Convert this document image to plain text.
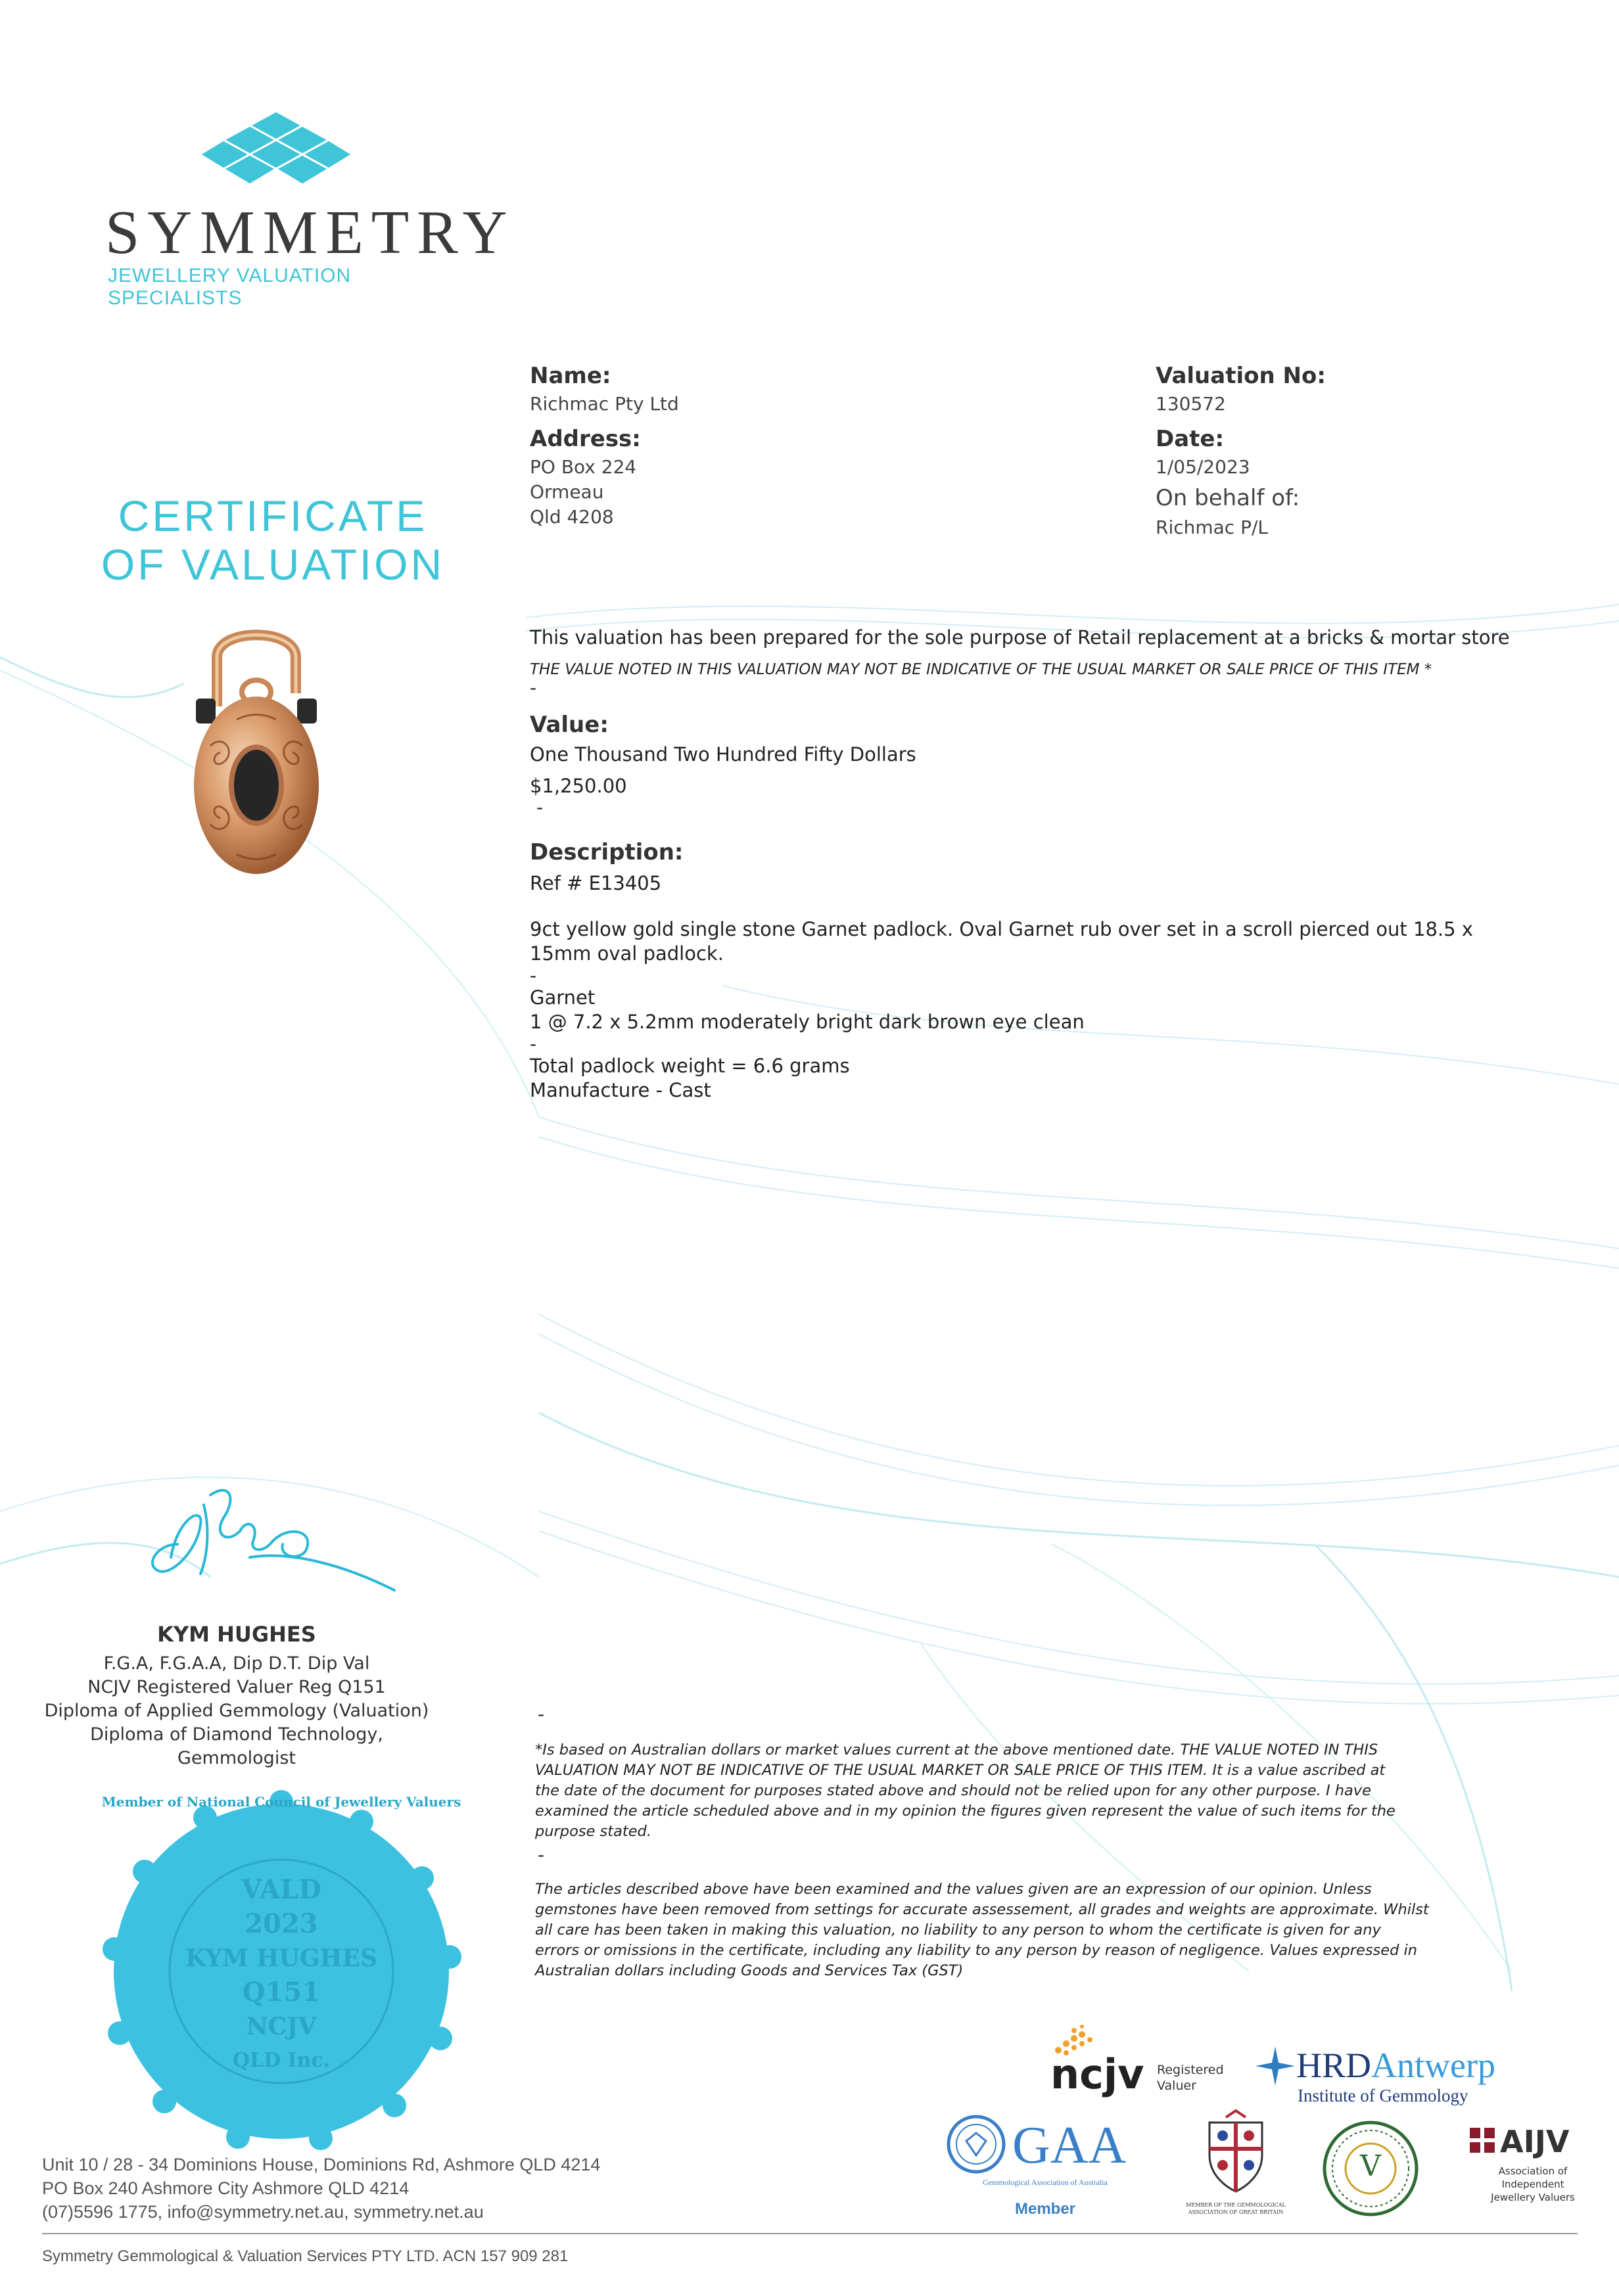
SYMMETRY
JEWELLERY VALUATION SPECIALISTS
CERTIFICATE
OF VALUATION
Name:
Richmac Pty Ltd
Address:
PO Box 224
Ormeau
Qld 4208
Valuation No:
130572
Date:
1/05/2023
On behalf of:
Richmac P/L
This valuation has been prepared for the sole purpose of Retail replacement at a bricks & mortar store
THE VALUE NOTED IN THIS VALUATION MAY NOT BE INDICATIVE OF THE USUAL MARKET OR SALE PRICE OF THIS ITEM *
-
Value:
One Thousand Two Hundred Fifty Dollars
$1,250.00
-
Description:
Ref # E13405
9ct yellow gold single stone Garnet padlock. Oval Garnet rub over set in a scroll pierced out 18.5 x
15mm oval padlock.
-
Garnet
1 @ 7.2 x 5.2mm moderately bright dark brown eye clean
-
Total padlock weight = 6.6 grams
Manufacture - Cast
KYM HUGHES
F.G.A, F.G.A.A, Dip D.T. Dip Val
NCJV Registered Valuer Reg Q151
Diploma of Applied Gemmology (Valuation)
Diploma of Diamond Technology,
Gemmologist
Member of National Council of Jewellery Valuers
VALD
2023
KYM HUGHES
Q151
NCJV
QLD Inc.
-
*Is based on Australian dollars or market values current at the above mentioned date. THE VALUE NOTED IN THIS
VALUATION MAY NOT BE INDICATIVE OF THE USUAL MARKET OR SALE PRICE OF THIS ITEM. It is a value ascribed at
the date of the document for purposes stated above and should not be relied upon for any other purpose. I have
examined the article scheduled above and in my opinion the figures given represent the value of such items for the
purpose stated.
-
The articles described above have been examined and the values given are an expression of our opinion. Unless
gemstones have been removed from settings for accurate assessement, all grades and weights are approximate. Whilst
all care has been taken in making this valuation, no liability to any person to whom the certificate is given for any
errors or omissions in the certificate, including any liability to any person by reason of negligence. Values expressed in
Australian dollars including Goods and Services Tax (GST)
ncjv Registered
Valuer
HRDAntwerp
Institute of Gemmology
GAA
Gemmological Association of Australia
Member	MEMBER OF THE GEMMOLOGICAL ASSOCIATION OF GREAT BRITAIN
V
AIJV
Association of
Independent
Jewellery Valuers
Unit 10 / 28 - 34 Dominions House, Dominions Rd, Ashmore QLD 4214
PO Box 240 Ashmore City Ashmore QLD 4214
(07)5596 1775, info@symmetry.net.au, symmetry.net.au
Symmetry Gemmological & Valuation Services PTY LTD. ACN 157 909 281
